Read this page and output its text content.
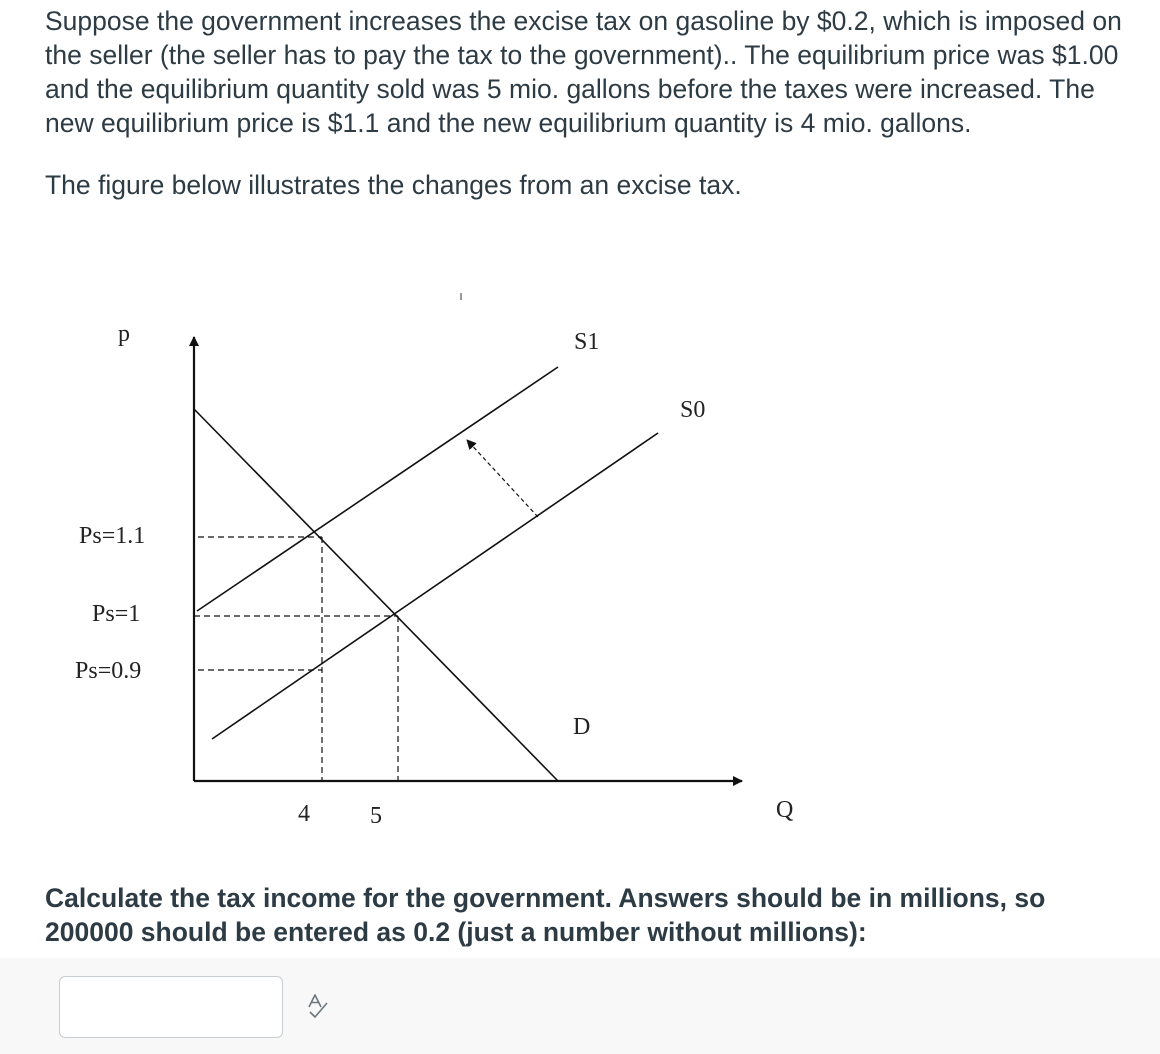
Suppose the government increases the excise tax on gasoline by $0.2, which is imposed on the seller (the seller has to pay the tax to the government).. The equilibrium price was $1.00 and the equilibrium quantity sold was 5 mio. gallons before the taxes were increased. The new equilibrium price is $1.1 and the new equilibrium quantity is 4 mio. gallons.

The figure below illustrates the changes from an excise tax.

p
Q
S1
S0
D
Ps=1.1
Ps=1
Ps=0.9
4	5
Calculate the tax income for the government. Answers should be in millions, so 200000 should be entered as 0.2 (just a number without millions):
